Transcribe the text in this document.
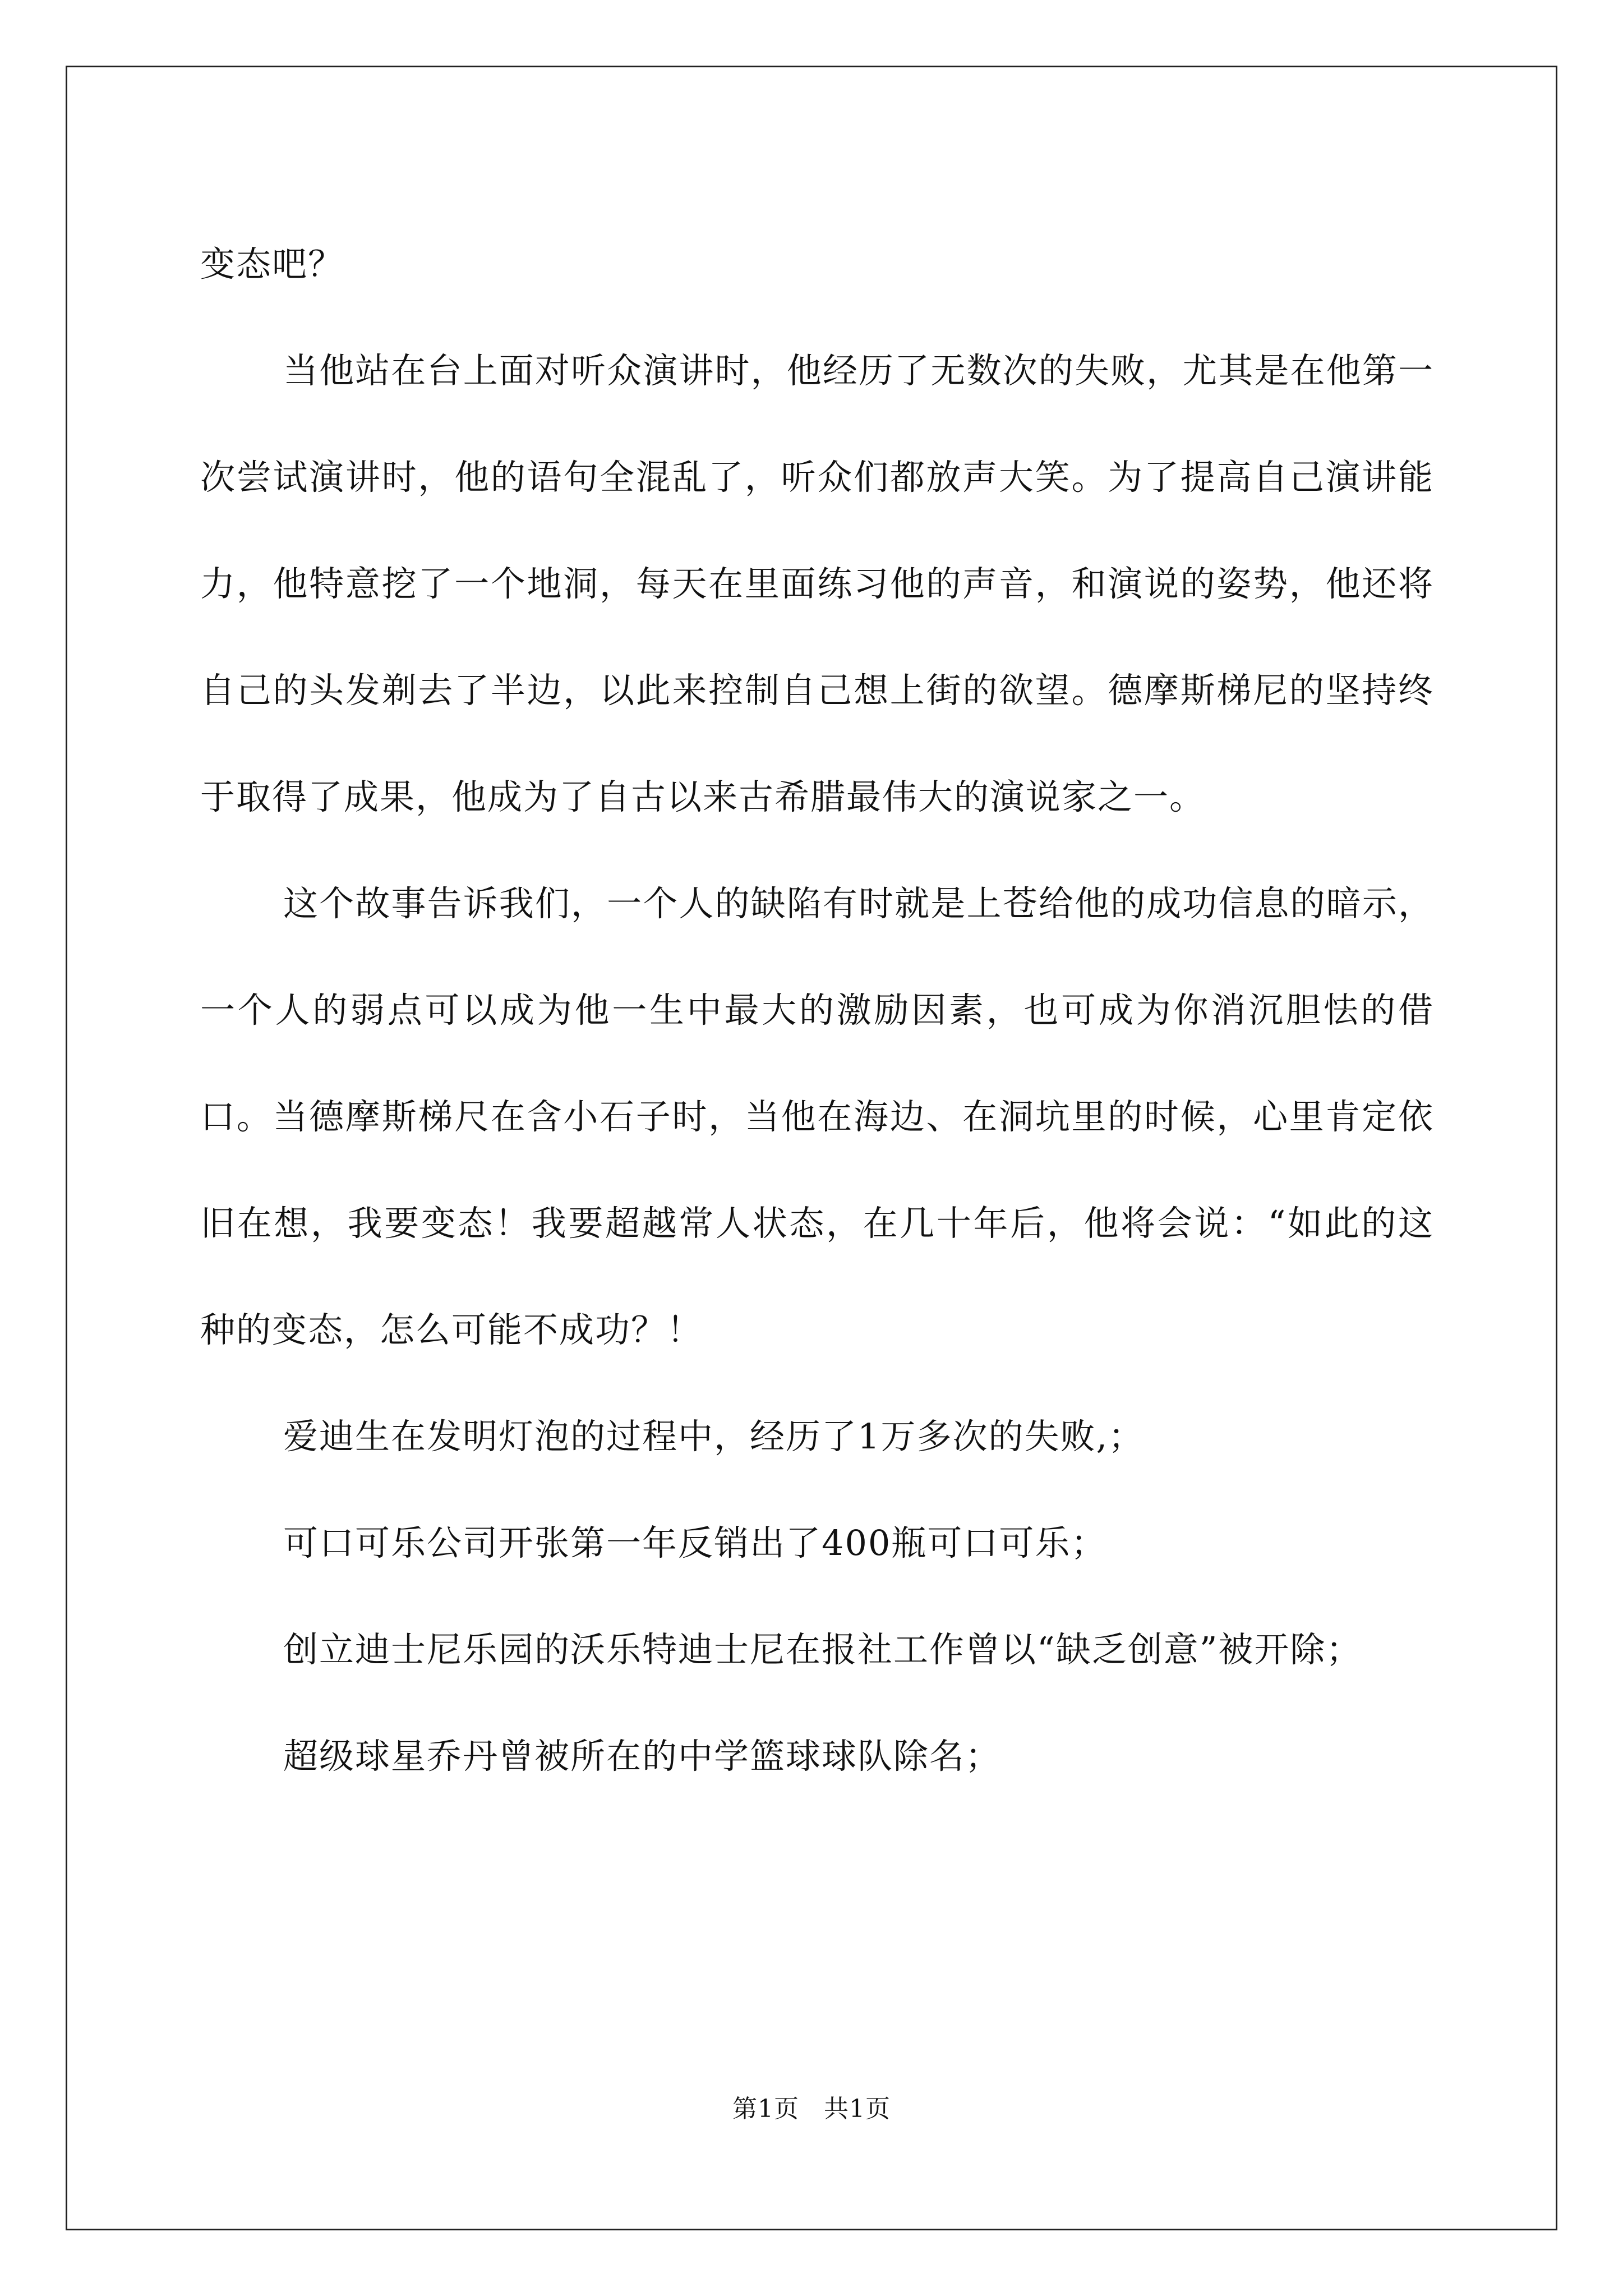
变态吧？

当他站在台上面对听众演讲时，他经历了无数次的失败，尤其是在他第一次尝试演讲时，他的语句全混乱了，听众们都放声大笑。为了提高自己演讲能力，他特意挖了一个地洞，每天在里面练习他的声音，和演说的姿势，他还将自己的头发剃去了半边，以此来控制自己想上街的欲望。德摩斯梯尼的坚持终于取得了成果，他成为了自古以来古希腊最伟大的演说家之一。

这个故事告诉我们，一个人的缺陷有时就是上苍给他的成功信息的暗示，一个人的弱点可以成为他一生中最大的激励因素，也可成为你消沉胆怯的借口。当德摩斯梯尺在含小石子时，当他在海边、在洞坑里的时候，心里肯定依旧在想，我要变态！我要超越常人状态，在几十年后，他将会说：“如此的这种的变态，怎么可能不成功？！

爱迪生在发明灯泡的过程中，经历了1万多次的失败,；

可口可乐公司开张第一年反销出了400瓶可口可乐；

创立迪士尼乐园的沃乐特迪士尼在报社工作曾以“缺乏创意”被开除；

超级球星乔丹曾被所在的中学篮球球队除名；

第1页 共1页
